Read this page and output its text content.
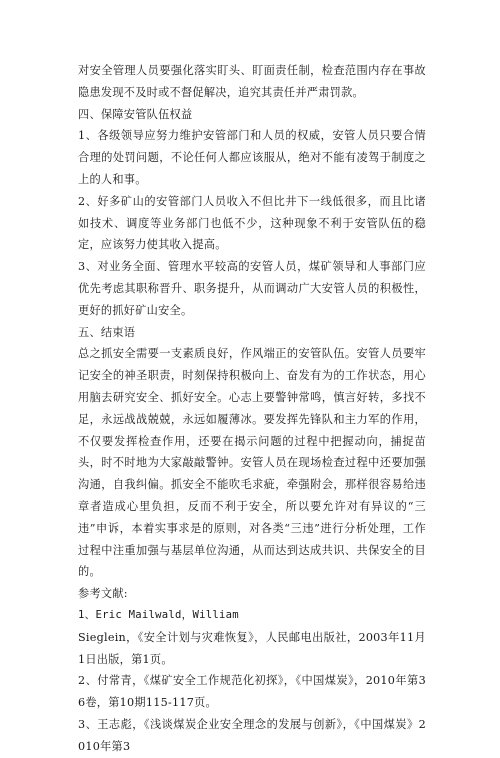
对安全管理人员要强化落实盯头、盯面责任制，检查范围内存在事故隐患发现不及时或不督促解决，追究其责任并严肃罚款。

四、保障安管队伍权益

1、各级领导应努力维护安管部门和人员的权威，安管人员只要合情合理的处罚问题，不论任何人都应该服从，绝对不能有凌驾于制度之上的人和事。

2、好多矿山的安管部门人员收入不但比井下一线低很多，而且比诸如技术、调度等业务部门也低不少，这种现象不利于安管队伍的稳定，应该努力使其收入提高。

3、对业务全面、管理水平较高的安管人员，煤矿领导和人事部门应优先考虑其职称晋升、职务提升，从而调动广大安管人员的积极性，更好的抓好矿山安全。

五、结束语

总之抓安全需要一支素质良好，作风端正的安管队伍。安管人员要牢记安全的神圣职责，时刻保持积极向上、奋发有为的工作状态，用心用脑去研究安全、抓好安全。心志上要警钟常鸣，慎言好转，多找不足，永远战战兢兢，永远如履薄冰。要发挥先锋队和主力军的作用，不仅要发挥检查作用，还要在揭示问题的过程中把握动向，捕捉苗头，时不时地为大家敲敲警钟。安管人员在现场检查过程中还要加强沟通，自我纠偏。抓安全不能吹毛求疵，牵强附会，那样很容易给违章者造成心里负担，反而不利于安全，所以要允许对有异议的“三违”申诉，本着实事求是的原则，对各类“三违”进行分析处理，工作过程中注重加强与基层单位沟通，从而达到达成共识、共保安全的目的。

参考文献:

1、Eric Mailwald，William

Sieglein，《安全计划与灾难恢复》，人民邮电出版社，2003年11月1日出版，第1页。

2、付常青，《煤矿安全工作规范化初探》，《中国煤炭》，2010年第36卷，第10期115-117页。

3、王志彪，《浅谈煤炭企业安全理念的发展与创新》，《中国煤炭》2010年第3
